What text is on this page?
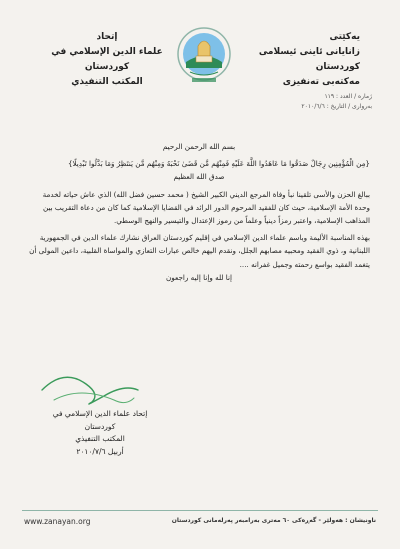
یەکێتی
زانایانی ئاینی ئیسلامی کوردستان
مەکتەبی تەنفیزی
إتحاد
علماء الدين الإسلامي في كوردستان
المكتب التنفيذي
ژمارە / العدد : ١١٩
بەرواری / التاريخ : ٢٠١٠/٦/٦
بسم الله الرحمن الرحيم
{مِن الْمُؤْمِنِين رِجَالٌ صَدَقُوا مَا عَاهَدُوا اللَّهَ عَلَيْهِ فَمِنْهُم مَّن قَضَىٰ نَحْبَهُ وَمِنْهُم مَّن يَنتَظِرُ وَمَا بَدَّلُوا تَبْدِيلًا}
صدق الله العظيم
ببالغ الحزن والأسى تلقينا نبأ وفاة المرجع الديني الكبير الشيخ ( محمد حسين فضل الله) الذي عاش حياته لخدمة وحدة الأمة الإسلامية، حيث كان للفقيد المرحوم الدور الرائد في القضايا الإسلامية كما كان من دعاة التقريب بين المذاهب الإسلامية، واعتبر رمزاً دينياً وعلماً من رموز الإعتدال والتيسير والنهج الوسطي.
بهذه المناسبة الأليمة وباسم علماء الدين الإسلامي في إقليم كوردستان العراق نشارك علماء الدين في الجمهورية اللبنانية و، ذوي الفقيد ومحبيه مصابهم الجلل، ونقدم اليهم خالص عبارات التعازي والمواساة القلبية، داعين المولى أن يتغمد الفقيد بواسع رحمته وجميل غفرانه ....
إنا لله وإنا إليه راجعون
إتحاد علماء الدين الإسلامي في كوردستان
المكتب التنفيذي
أربيل ٢٠١٠/٧/٦
www.zanayan.org	ناونیشان : هەولێر - گەڕەکی ٦٠ مەتری بەرامبەر پەرلەمانی کوردستان
